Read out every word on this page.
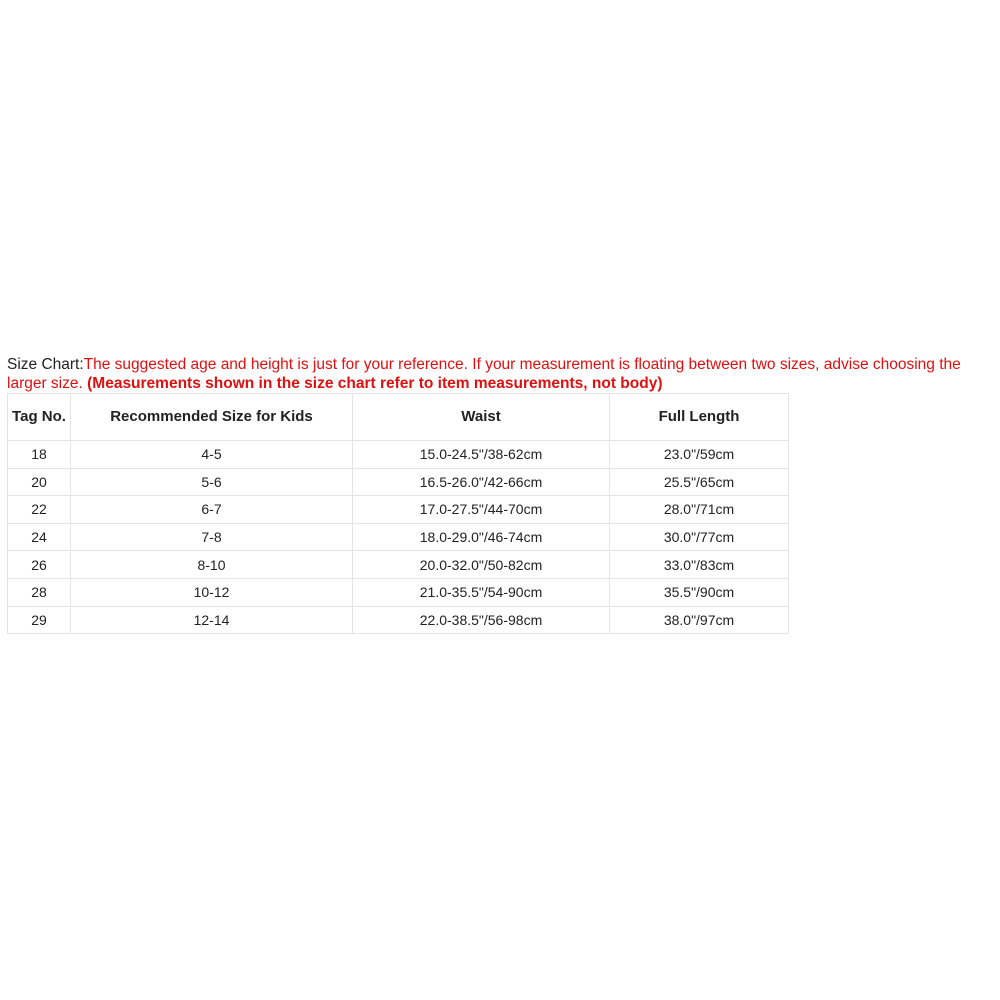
Size Chart:The suggested age and height is just for your reference. If your measurement is floating between two sizes, advise choosing the larger size. (Measurements shown in the size chart refer to item measurements, not body)
Tag No.	Recommended Size for Kids	Waist	Full Length
18	4-5	15.0-24.5"/38-62cm	23.0"/59cm
20	5-6	16.5-26.0"/42-66cm	25.5"/65cm
22	6-7	17.0-27.5"/44-70cm	28.0"/71cm
24	7-8	18.0-29.0"/46-74cm	30.0"/77cm
26	8-10	20.0-32.0"/50-82cm	33.0"/83cm
28	10-12	21.0-35.5"/54-90cm	35.5"/90cm
29	12-14	22.0-38.5"/56-98cm	38.0"/97cm
